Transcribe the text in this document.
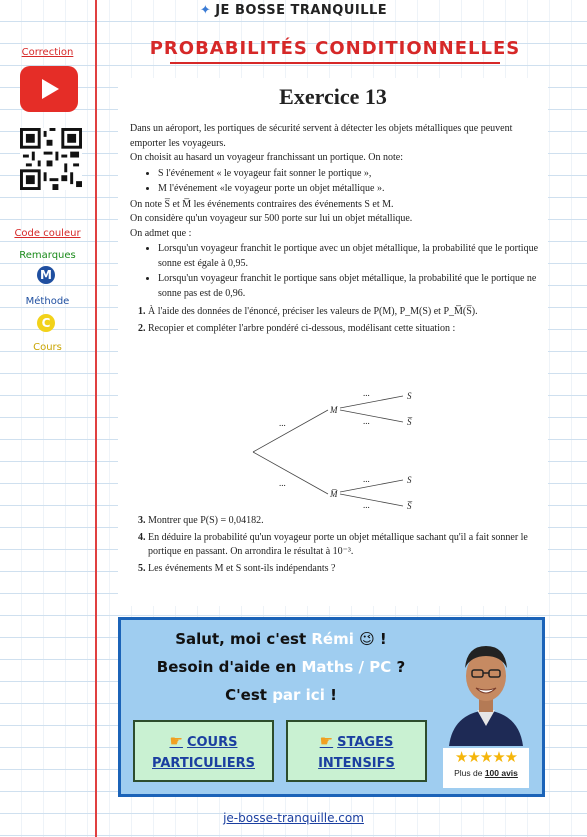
✦ JE BOSSE TRANQUILLE
PROBABILITÉS CONDITIONNELLES
Correction
Code couleur
Remarques
M
Méthode
C
Cours
Exercice 13

Dans un aéroport, les portiques de sécurité servent à détecter les objets métalliques que peuvent emporter les voyageurs.

On choisit au hasard un voyageur franchissant un portique. On note:

• S l'événement « le voyageur fait sonner le portique »,
• M l'événement «le voyageur porte un objet métallique ».

On note S̅ et M̅ les événements contraires des événements S et M.

On considère qu'un voyageur sur 500 porte sur lui un objet métallique.

On admet que :

• Lorsqu'un voyageur franchit le portique avec un objet métallique, la probabilité que le portique sonne est égale à 0,95.
• Lorsqu'un voyageur franchit le portique sans objet métallique, la probabilité que le portique ne sonne pas est de 0,96.
1. À l'aide des données de l'énoncé, préciser les valeurs de P(M), P_M(S) et P_M̅(S̅).
2. Recopier et compléter l'arbre pondéré ci-dessous, modélisant cette situation :
...
...
...
...
...
...
M
M̅
S
S̅
S
S̅
3. Montrer que P(S) = 0,04182.
4. En déduire la probabilité qu'un voyageur porte un objet métallique sachant qu'il a fait sonner le portique en passant. On arrondira le résultat à 10⁻³.
5. Les événements M et S sont-ils indépendants ?
Salut, moi c'est Rémi 😉 !
Besoin d'aide en Maths / PC ?
C'est par ici !
☛ COURS
PARTICULIERS
☛ STAGES
INTENSIFS	★★★★★
Plus de 100 avis
je-bosse-tranquille.com
